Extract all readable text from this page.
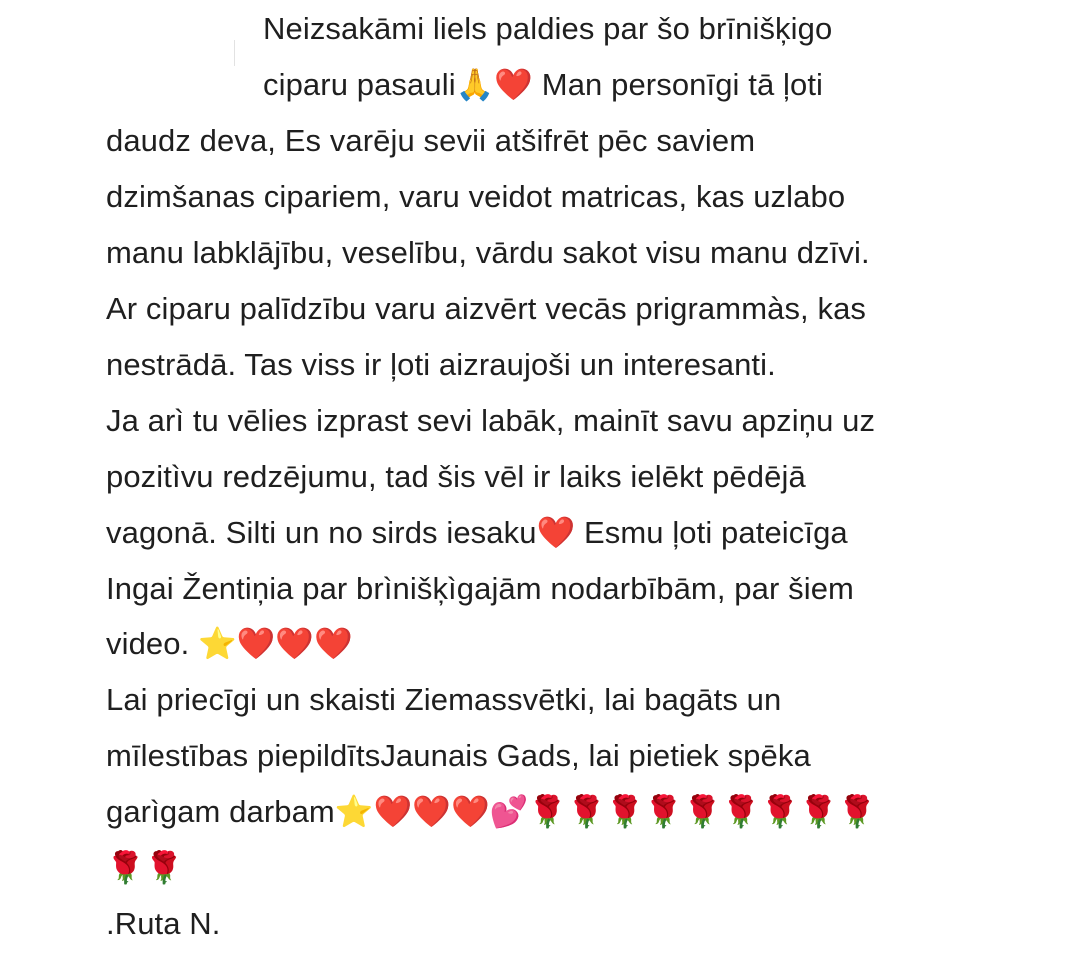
Neizsakāmi liels paldies par šo brīnišķigo
ciparu pasauli🙏❤️ Man personīgi tā ļoti
daudz deva, Es varēju sevii atšifrēt pēc saviem
dzimšanas cipariem, varu veidot matricas, kas uzlabo
manu labklājību, veselību, vārdu sakot visu manu dzīvi.
Ar ciparu palīdzību varu aizvērt vecās prigrammàs, kas
nestrādā. Tas viss ir ļoti aizraujoši un interesanti.
Ja arì tu vēlies izprast sevi labāk, mainīt savu apziņu uz
pozitìvu redzējumu, tad šis vēl ir laiks ielēkt pēdējā
vagonā. Silti un no sirds iesaku❤️ Esmu ļoti pateicīga
Ingai Žentiņia par brìnišķìgajām nodarbībām, par šiem
video. ⭐❤️❤️❤️
Lai priecīgi un skaisti Ziemassvētki, lai bagāts un
mīlestības piepildītsJaunais Gads, lai pietiek spēka
garìgam darbam⭐❤️❤️❤️💕🌹🌹🌹🌹🌹🌹🌹🌹🌹
🌹🌹
.Ruta N.
